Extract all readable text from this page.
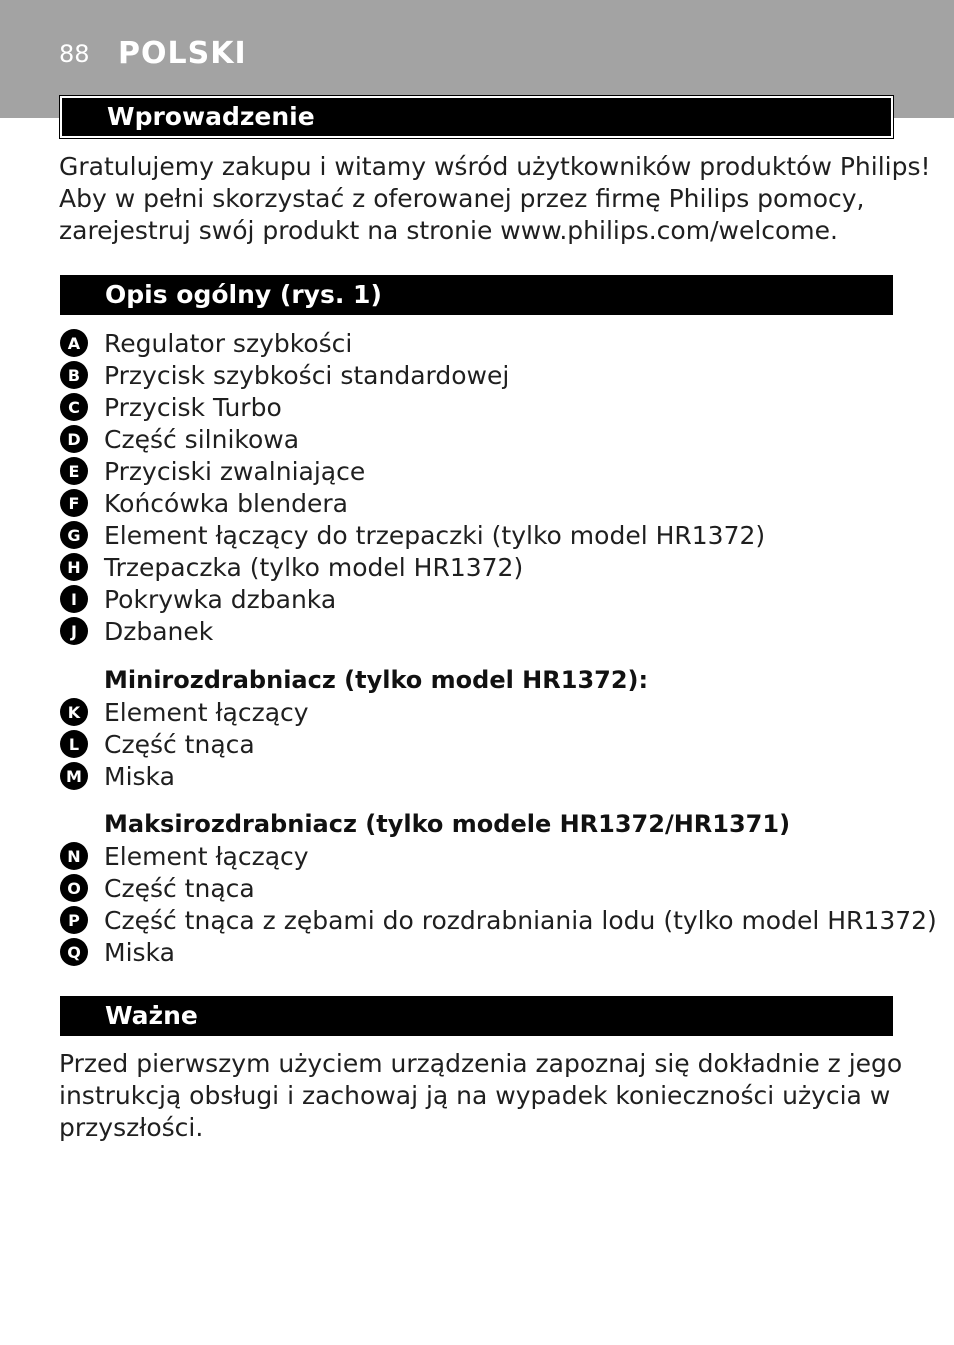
88 POLSKI
Wprowadzenie

Gratulujemy zakupu i witamy wśród użytkowników produktów Philips!
Aby w pełni skorzystać z oferowanej przez firmę Philips pomocy,
zarejestruj swój produkt na stronie www.philips.com/welcome.

Opis ogólny (rys. 1)
A Regulator szybkości
B Przycisk szybkości standardowej
C Przycisk Turbo
D Część silnikowa
E Przyciski zwalniające
F Końcówka blendera
G Element łączący do trzepaczki (tylko model HR1372)
H Trzepaczka (tylko model HR1372)
I	Pokrywka dzbanka
J	Dzbanek

Minirozdrabniacz (tylko model HR1372):

K Element łączący
L Część tnąca
M Miska

Maksirozdrabniacz (tylko modele HR1372/HR1371)

N Element łączący
O Część tnąca
P Część tnąca z zębami do rozdrabniania lodu (tylko model HR1372)
Q Miska
Ważne

Przed pierwszym użyciem urządzenia zapoznaj się dokładnie z jego
instrukcją obsługi i zachowaj ją na wypadek konieczności użycia w
przyszłości.
